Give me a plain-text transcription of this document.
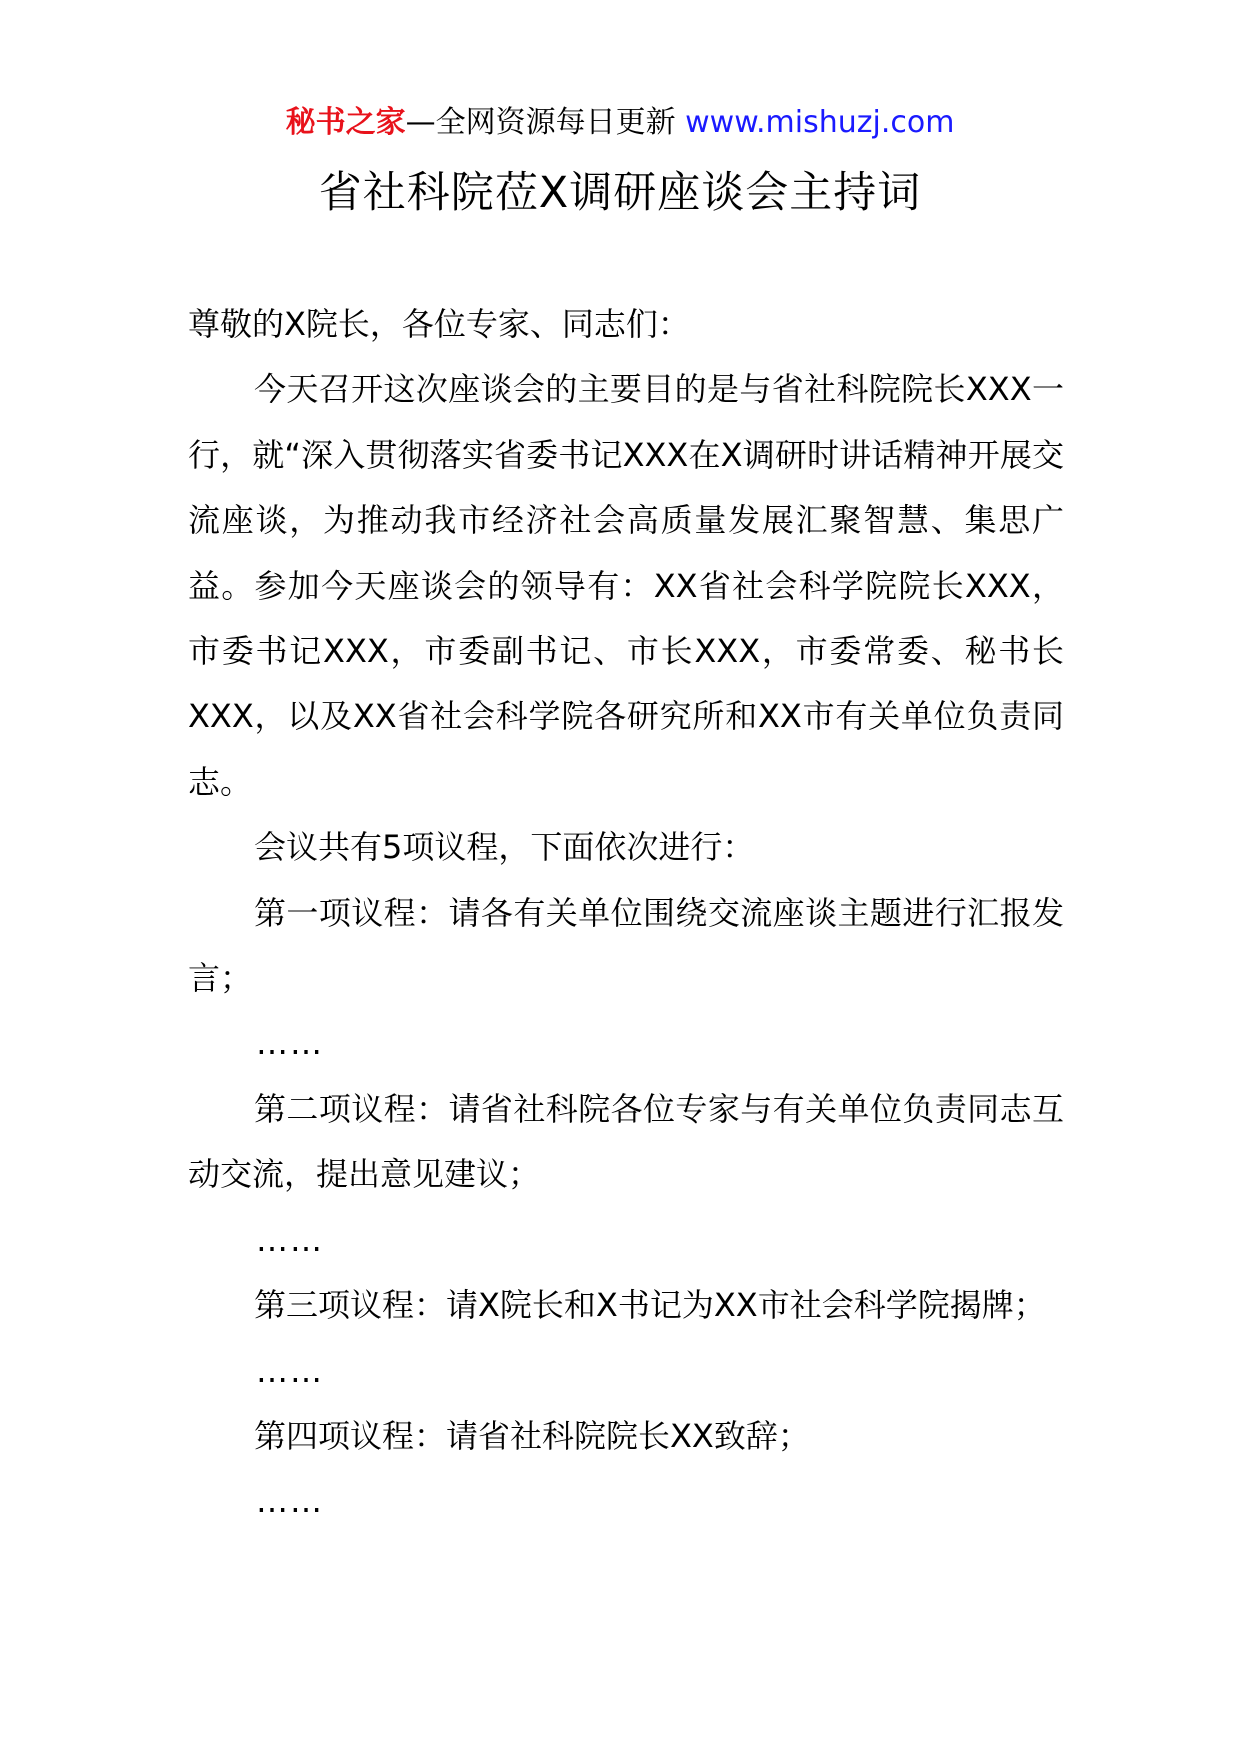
秘书之家—全网资源每日更新 www.mishuzj.com
省社科院莅X调研座谈会主持词

尊敬的X院长，各位专家、同志们：

今天召开这次座谈会的主要目的是与省社科院院长XXX一行，就“深入贯彻落实省委书记XXX在X调研时讲话精神开展交流座谈，为推动我市经济社会高质量发展汇聚智慧、集思广益。参加今天座谈会的领导有：XX省社会科学院院长XXX，市委书记XXX，市委副书记、市长XXX，市委常委、秘书长XXX，以及XX省社会科学院各研究所和XX市有关单位负责同志。

会议共有5项议程，下面依次进行：

第一项议程：请各有关单位围绕交流座谈主题进行汇报发言；

……

第二项议程：请省社科院各位专家与有关单位负责同志互动交流，提出意见建议；

……

第三项议程：请X院长和X书记为XX市社会科学院揭牌；

……

第四项议程：请省社科院院长XX致辞；

……
